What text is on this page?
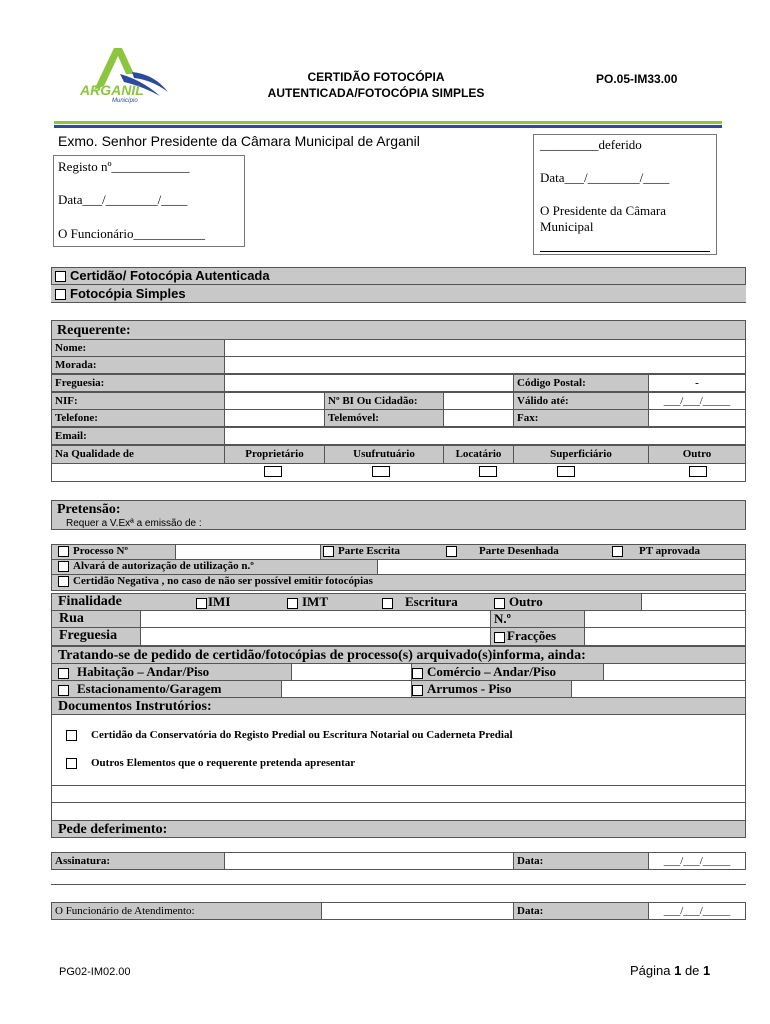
ARGANIL
Município
CERTIDÃO FOTOCÓPIA
AUTENTICADA/FOTOCÓPIA SIMPLES
PO.05-IM33.00
Exmo. Senhor Presidente da Câmara Municipal de Arganil
Registo nº____________
Data___/________/____
O Funcionário___________
_________deferido
Data___/________/____
O Presidente da Câmara Municipal
Certidão/ Fotocópia Autenticada
Fotocópia Simples
Requerente:
Nome:
Morada:
Freguesia:	Código Postal:	-
NIF:	Nº BI Ou Cidadão:	Válido até:	___/___/_____
Telefone:	Telemóvel:	Fax:
Email:
Na Qualidade de	Proprietário	Usufrutuário	Locatário	Superficiário	Outro
Pretensão:
Requer a V.Exª a emissão de :
Processo Nº	Parte Escrita	Parte Desenhada	PT aprovada
Alvará de autorização de utilização n.º
Certidão Negativa , no caso de não ser possível emitir fotocópias
Finalidade	IMI	IMT	Escritura	Outro
Rua	N.º
Freguesia	Fracções
Tratando-se de pedido de certidão/fotocópias de processo(s) arquivado(s)informa, ainda:
Habitação – Andar/Piso	Comércio – Andar/Piso
Estacionamento/Garagem	Arrumos - Piso
Documentos Instrutórios:
Certidão da Conservatória do Registo Predial ou Escritura Notarial ou Caderneta Predial
Outros Elementos que o requerente pretenda apresentar
Pede deferimento:
Assinatura:	Data:	___/___/_____
O Funcionário de Atendimento:	Data:	___/___/_____
PG02-IM02.00	Página 1 de 1
